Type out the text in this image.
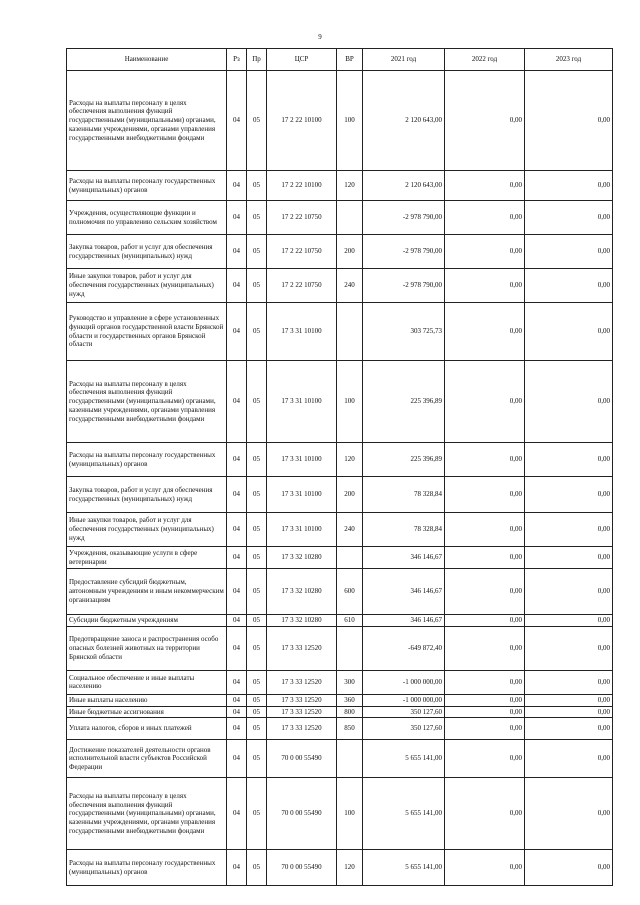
9
Наименование	Рз	Пр	ЦСР	ВР	2021 год	2022 год	2023 год
Расходы на выплаты персоналу в целях обеспечения выполнения функций государственными (муниципальными) органами, казенными учреждениями, органами управления государственными внебюджетными фондами	04	05	17 2 22 10100	100	2 120 643,00	0,00	0,00
Расходы на выплаты персоналу государственных (муниципальных) органов	04	05	17 2 22 10100	120	2 120 643,00	0,00	0,00
Учреждения, осуществляющие функции и полномочия по управлению сельским хозяйством	04	05	17 2 22 10750		-2 978 790,00	0,00	0,00
Закупка товаров, работ и услуг для обеспечения государственных (муниципальных) нужд	04	05	17 2 22 10750	200	-2 978 790,00	0,00	0,00
Иные закупки товаров, работ и услуг для обеспечения государственных (муниципальных) нужд	04	05	17 2 22 10750	240	-2 978 790,00	0,00	0,00
Руководство и управление в сфере установленных функций органов государственной власти Брянской области и государственных органов Брянской области	04	05	17 3 31 10100		303 725,73	0,00	0,00
Расходы на выплаты персоналу в целях обеспечения выполнения функций государственными (муниципальными) органами, казенными учреждениями, органами управления государственными внебюджетными фондами	04	05	17 3 31 10100	100	225 396,89	0,00	0,00
Расходы на выплаты персоналу государственных (муниципальных) органов	04	05	17 3 31 10100	120	225 396,89	0,00	0,00
Закупка товаров, работ и услуг для обеспечения государственных (муниципальных) нужд	04	05	17 3 31 10100	200	78 328,84	0,00	0,00
Иные закупки товаров, работ и услуг для обеспечения государственных (муниципальных) нужд	04	05	17 3 31 10100	240	78 328,84	0,00	0,00
Учреждения, оказывающие услуги в сфере ветеринарии	04	05	17 3 32 10280		346 146,67	0,00	0,00
Предоставление субсидий бюджетным, автономным учреждениям и иным некоммерческим организациям	04	05	17 3 32 10280	600	346 146,67	0,00	0,00
Субсидии бюджетным учреждениям	04	05	17 3 32 10280	610	346 146,67	0,00	0,00
Предотвращение заноса и распространения особо опасных болезней животных на территории Брянской области	04	05	17 3 33 12520		-649 872,40	0,00	0,00
Социальное обеспечение и иные выплаты населению	04	05	17 3 33 12520	300	-1 000 000,00	0,00	0,00
Иные выплаты населению	04	05	17 3 33 12520	360	-1 000 000,00	0,00	0,00
Иные бюджетные ассигнования	04	05	17 3 33 12520	800	350 127,60	0,00	0,00
Уплата налогов, сборов и иных платежей	04	05	17 3 33 12520	850	350 127,60	0,00	0,00
Достижение показателей деятельности органов исполнительной власти субъектов Российской Федерации	04	05	70 0 00 55490		5 655 141,00	0,00	0,00
Расходы на выплаты персоналу в целях обеспечения выполнения функций государственными (муниципальными) органами, казенными учреждениями, органами управления государственными внебюджетными фондами	04	05	70 0 00 55490	100	5 655 141,00	0,00	0,00
Расходы на выплаты персоналу государственных (муниципальных) органов	04	05	70 0 00 55490	120	5 655 141,00	0,00	0,00
